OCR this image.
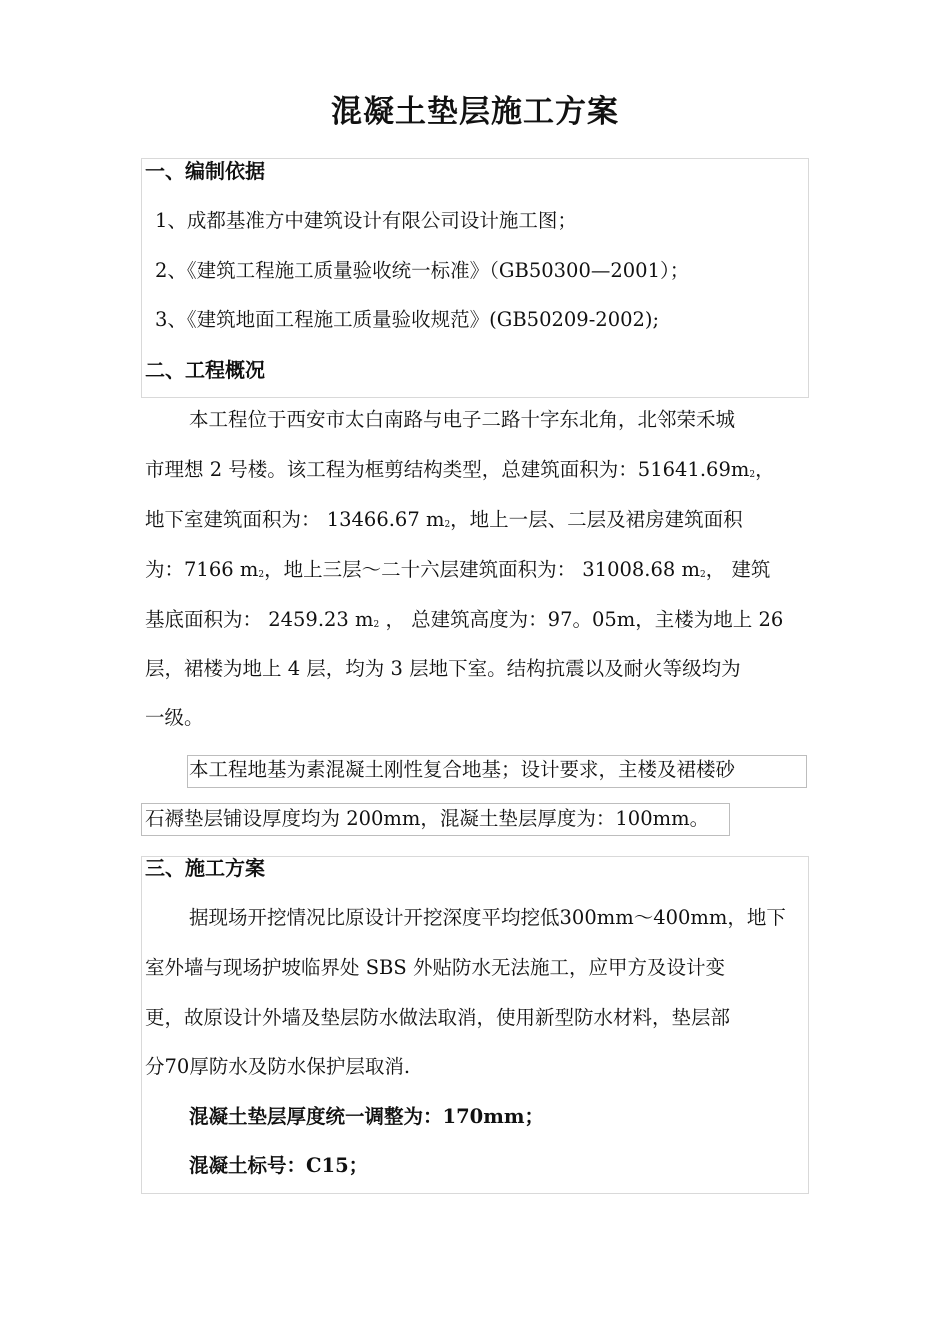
混凝土垫层施工方案

一、编制依据

1、成都基准方中建筑设计有限公司设计施工图；

2、《建筑工程施工质量验收统一标准》（GB50300—2001）；

3、《建筑地面工程施工质量验收规范》(GB50209-2002);

二、工程概况

本工程位于西安市太白南路与电子二路十字东北角，北邻荣禾城

市理想 2 号楼。该工程为框剪结构类型，总建筑面积为：$51641.69m_2$，

地下室建筑面积为： 13466.67 $m_2$，地上一层、二层及裙房建筑面积

为：7166 $m_2$，地上三层～二十六层建筑面积为： 31008.68 $m_2$， 建筑

基底面积为： 2459.23 $m_2$ ， 总建筑高度为：97。05m，主楼为地上 26

层，裙楼为地上 4 层，均为 3 层地下室。结构抗震以及耐火等级均为

一级。

本工程地基为素混凝土刚性复合地基；设计要求，主楼及裙楼砂

石褥垫层铺设厚度均为 200mm，混凝土垫层厚度为：100mm。

三、施工方案

据现场开挖情况比原设计开挖深度平均挖低300mm～400mm，地下

室外墙与现场护坡临界处 SBS 外贴防水无法施工，应甲方及设计变

更，故原设计外墙及垫层防水做法取消，使用新型防水材料，垫层部

分70厚防水及防水保护层取消.

混凝土垫层厚度统一调整为：170mm；

混凝土标号：C15；
